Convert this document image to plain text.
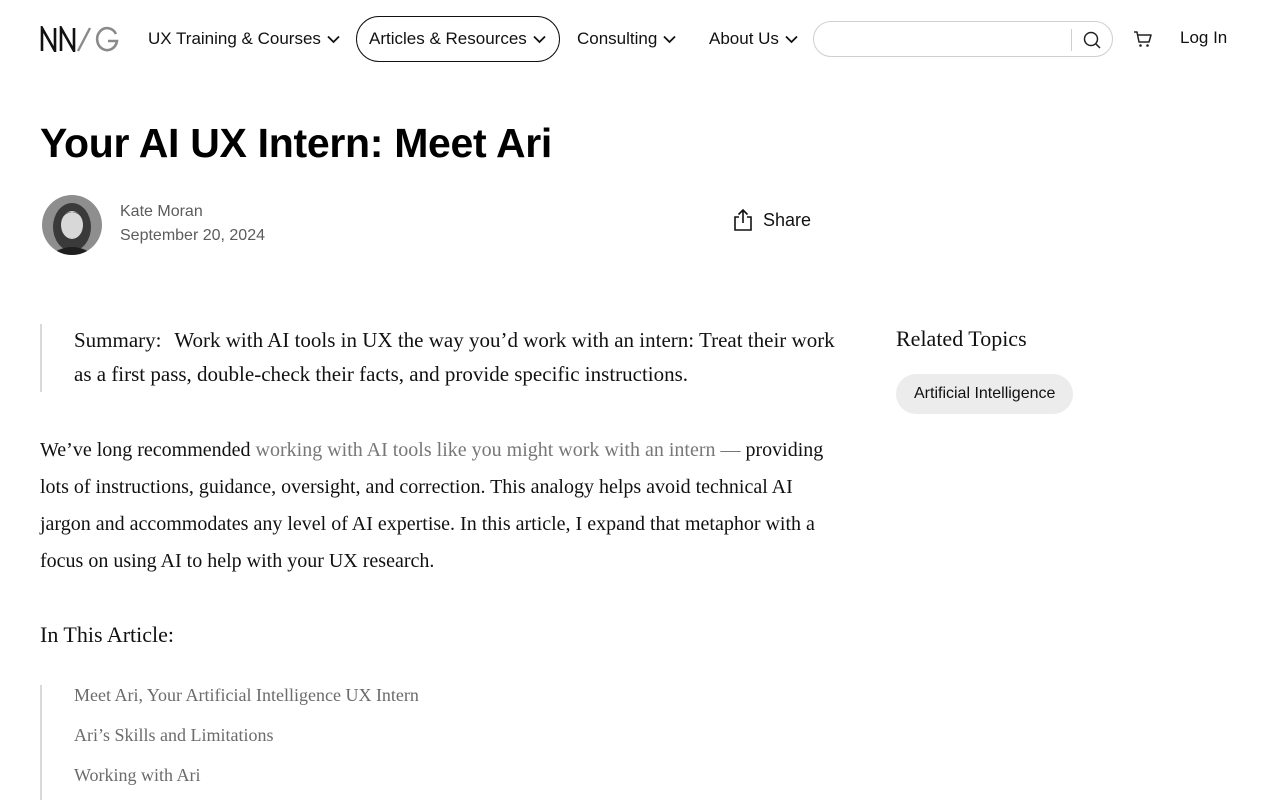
UX Training & Courses	Articles & Resources	Consulting	About Us	Log In
Your AI UX Intern: Meet Ari
Kate Moran
September 20, 2024
Share

Summary: Work with AI tools in UX the way you’d work with an intern: Treat their work as a first pass, double-check their facts, and provide specific instructions.

We’ve long recommended working with AI tools like you might work with an intern — providing lots of instructions, guidance, oversight, and correction. This analogy helps avoid technical AI jargon and accommodates any level of AI expertise. In this article, I expand that metaphor with a focus on using AI to help with your UX research.

In This Article:
Meet Ari, Your Artificial Intelligence UX Intern
Ari’s Skills and Limitations
Working with Ari
Related Topics
Artificial Intelligence
